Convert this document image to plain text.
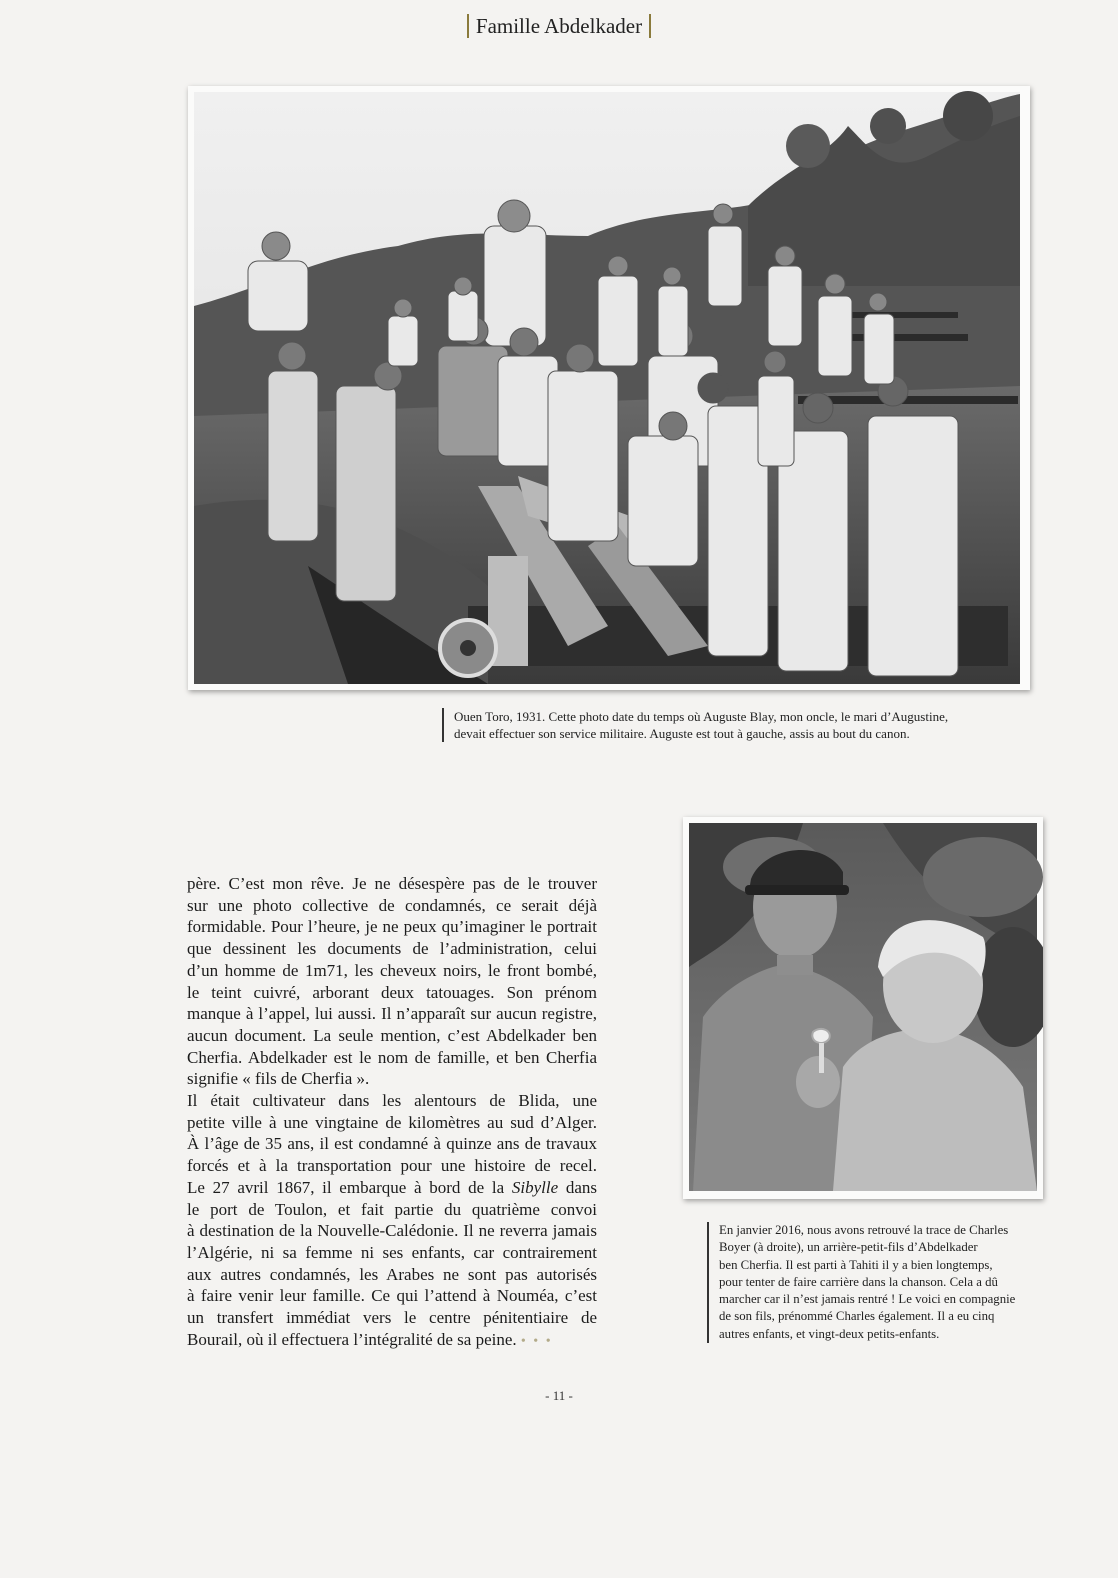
Famille Abdelkader
Ouen Toro, 1931. Cette photo date du temps où Auguste Blay, mon oncle, le mari d’Augustine,
devait effectuer son service militaire. Auguste est tout à gauche, assis au bout du canon.
En janvier 2016, nous avons retrouvé la trace de Charles
Boyer (à droite), un arrière-petit-fils d’Abdelkader
ben Cherfia. Il est parti à Tahiti il y a bien longtemps,
pour tenter de faire carrière dans la chanson. Cela a dû
marcher car il n’est jamais rentré ! Le voici en compagnie
de son fils, prénommé Charles également. Il a eu cinq
autres enfants, et vingt-deux petits-enfants.
père. C’est mon rêve. Je ne désespère pas de le trouver
sur une photo collective de condamnés, ce serait déjà
formidable. Pour l’heure, je ne peux qu’imaginer le portrait
que dessinent les documents de l’administration, celui
d’un homme de 1m71, les cheveux noirs, le front bombé,
le teint cuivré, arborant deux tatouages. Son prénom
manque à l’appel, lui aussi. Il n’apparaît sur aucun registre,
aucun document. La seule mention, c’est Abdelkader ben
Cherfia. Abdelkader est le nom de famille, et ben Cherfia
signifie « fils de Cherfia ».
Il était cultivateur dans les alentours de Blida, une
petite ville à une vingtaine de kilomètres au sud d’Alger.
À l’âge de 35 ans, il est condamné à quinze ans de travaux
forcés et à la transportation pour une histoire de recel.
Le 27 avril 1867, il embarque à bord de la Sibylle dans
le port de Toulon, et fait partie du quatrième convoi
à destination de la Nouvelle-Calédonie. Il ne reverra jamais
l’Algérie, ni sa femme ni ses enfants, car contrairement
aux autres condamnés, les Arabes ne sont pas autorisés
à faire venir leur famille. Ce qui l’attend à Nouméa, c’est
un transfert immédiat vers le centre pénitentiaire de
Bourail, où il effectuera l’intégralité de sa peine. • • •
- 11 -
